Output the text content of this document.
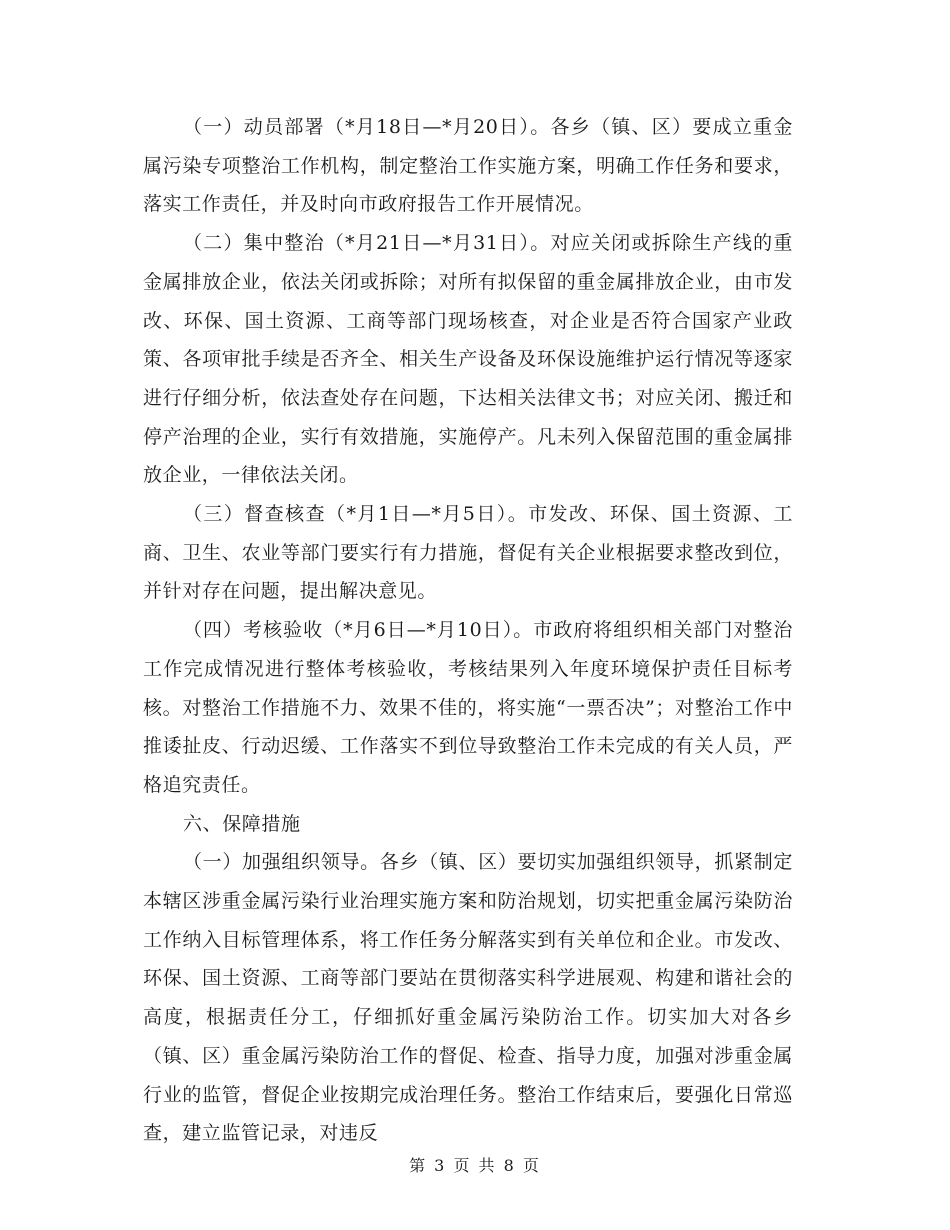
（一）动员部署（*月18日—*月20日）。各乡（镇、区）要成立重金属污染专项整治工作机构，制定整治工作实施方案，明确工作任务和要求，落实工作责任，并及时向市政府报告工作开展情况。

（二）集中整治（*月21日—*月31日）。对应关闭或拆除生产线的重金属排放企业，依法关闭或拆除；对所有拟保留的重金属排放企业，由市发改、环保、国土资源、工商等部门现场核查，对企业是否符合国家产业政策、各项审批手续是否齐全、相关生产设备及环保设施维护运行情况等逐家进行仔细分析，依法查处存在问题，下达相关法律文书；对应关闭、搬迁和停产治理的企业，实行有效措施，实施停产。凡未列入保留范围的重金属排放企业，一律依法关闭。

（三）督查核查（*月1日—*月5日）。市发改、环保、国土资源、工商、卫生、农业等部门要实行有力措施，督促有关企业根据要求整改到位，并针对存在问题，提出解决意见。

（四）考核验收（*月6日—*月10日）。市政府将组织相关部门对整治工作完成情况进行整体考核验收，考核结果列入年度环境保护责任目标考核。对整治工作措施不力、效果不佳的，将实施“一票否决”；对整治工作中推诿扯皮、行动迟缓、工作落实不到位导致整治工作未完成的有关人员，严格追究责任。

六、保障措施

（一）加强组织领导。各乡（镇、区）要切实加强组织领导，抓紧制定本辖区涉重金属污染行业治理实施方案和防治规划，切实把重金属污染防治工作纳入目标管理体系，将工作任务分解落实到有关单位和企业。市发改、环保、国土资源、工商等部门要站在贯彻落实科学进展观、构建和谐社会的高度，根据责任分工，仔细抓好重金属污染防治工作。切实加大对各乡（镇、区）重金属污染防治工作的督促、检查、指导力度，加强对涉重金属行业的监管，督促企业按期完成治理任务。整治工作结束后，要强化日常巡查，建立监管记录，对违反

第 3 页 共 8 页
